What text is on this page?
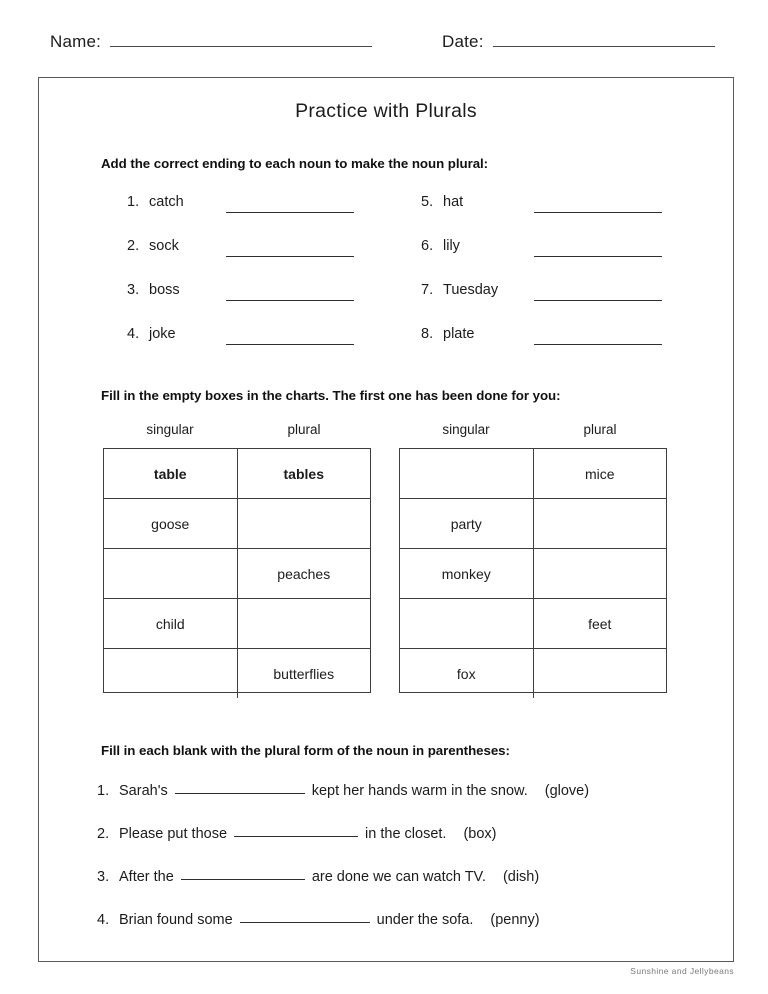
Name:	Date:
Practice with Plurals
Add the correct ending to each noun to make the noun plural:
1. catch
2. sock
3. boss
4. joke
5. hat
6. lily
7. Tuesday
8. plate
Fill in the empty boxes in the charts. The first one has been done for you:
singular	plural	singular	plural
table	tables
goose	
	peaches
child	
	butterflies
	mice
party	
monkey	
	feet
fox	
Fill in each blank with the plural form of the noun in parentheses:
1. Sarah's	kept her hands warm in the snow. (glove)
2. Please put those	in the closet. (box)
3. After the	are done we can watch TV. (dish)
4. Brian found some	under the sofa. (penny)
Sunshine and Jellybeans
